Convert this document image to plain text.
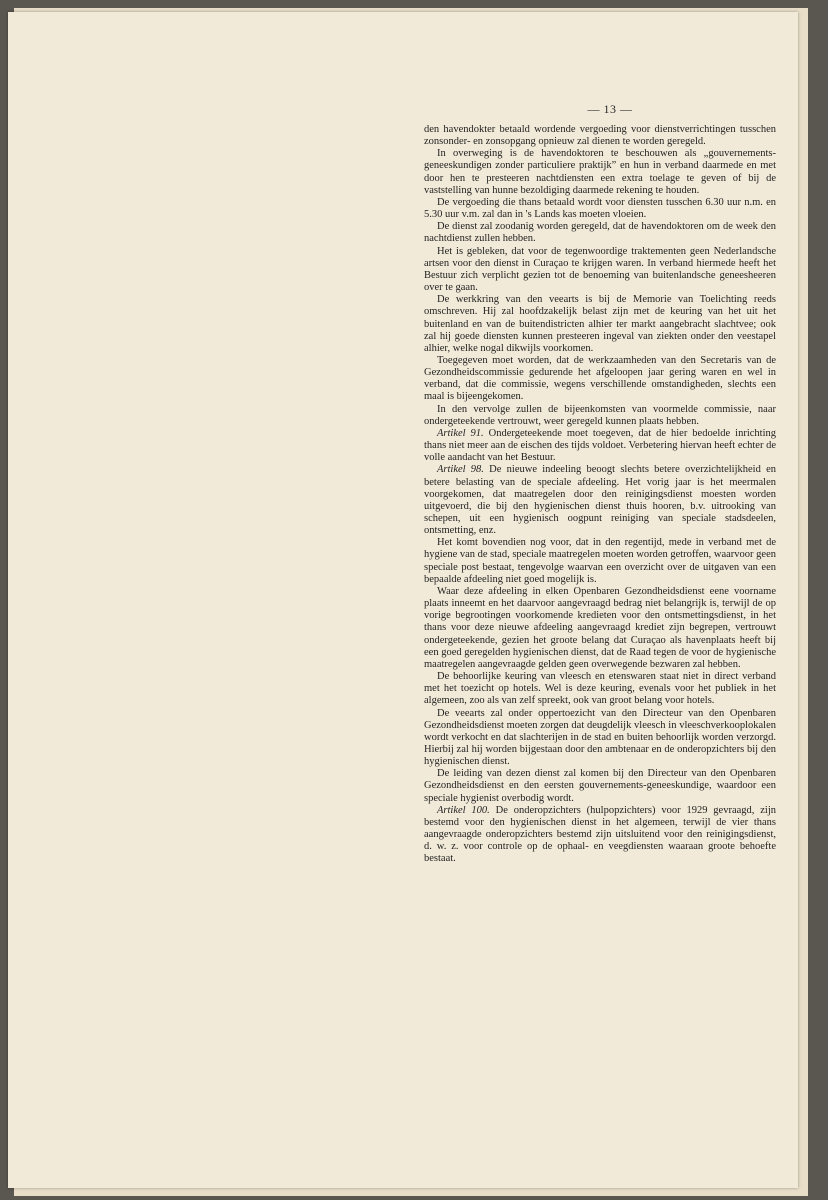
— 13 —

den havendokter betaald wordende vergoeding voor dienstverrichtingen tusschen zonsonder- en zonsopgang opnieuw zal dienen te worden geregeld.

In overweging is de havendoktoren te beschouwen als „gouvernements-geneeskundigen zonder particuliere praktijk” en hun in verband daarmede en met door hen te presteeren nachtdiensten een extra toelage te geven of bij de vaststelling van hunne bezoldiging daarmede rekening te houden.

De vergoeding die thans betaald wordt voor diensten tusschen 6.30 uur n.m. en 5.30 uur v.m. zal dan in 's Lands kas moeten vloeien.

De dienst zal zoodanig worden geregeld, dat de havendoktoren om de week den nachtdienst zullen hebben.

Het is gebleken, dat voor de tegenwoordige traktementen geen Nederlandsche artsen voor den dienst in Curaçao te krijgen waren. In verband hiermede heeft het Bestuur zich verplicht gezien tot de benoeming van buitenlandsche geneesheeren over te gaan.

De werkkring van den veearts is bij de Memorie van Toelichting reeds omschreven. Hij zal hoofdzakelijk belast zijn met de keuring van het uit het buitenland en van de buitendistricten alhier ter markt aangebracht slachtvee; ook zal hij goede diensten kunnen presteeren ingeval van ziekten onder den veestapel alhier, welke nogal dikwijls voorkomen.

Toegegeven moet worden, dat de werkzaamheden van den Secretaris van de Gezondheidscommissie gedurende het afgeloopen jaar gering waren en wel in verband, dat die commissie, wegens verschillende omstandigheden, slechts een maal is bijeengekomen.

In den vervolge zullen de bijeenkomsten van voormelde commissie, naar ondergeteekende vertrouwt, weer geregeld kunnen plaats hebben.

Artikel 91. Ondergeteekende moet toegeven, dat de hier bedoelde inrichting thans niet meer aan de eischen des tijds voldoet. Verbetering hiervan heeft echter de volle aandacht van het Bestuur.

Artikel 98. De nieuwe indeeling beoogt slechts betere overzichtelijkheid en betere belasting van de speciale afdeeling. Het vorig jaar is het meermalen voorgekomen, dat maatregelen door den reinigingsdienst moesten worden uitgevoerd, die bij den hygienischen dienst thuis hooren, b.v. uitrooking van schepen, uit een hygienisch oogpunt reiniging van speciale stadsdeelen, ontsmetting, enz.

Het komt bovendien nog voor, dat in den regentijd, mede in verband met de hygiene van de stad, speciale maatregelen moeten worden getroffen, waarvoor geen speciale post bestaat, tengevolge waarvan een overzicht over de uitgaven van een bepaalde afdeeling niet goed mogelijk is.

Waar deze afdeeling in elken Openbaren Gezondheidsdienst eene voorname plaats inneemt en het daarvoor aangevraagd bedrag niet belangrijk is, terwijl de op vorige begrootingen voorkomende kredieten voor den ontsmettingsdienst, in het thans voor deze nieuwe afdeeling aangevraagd krediet zijn begrepen, vertrouwt ondergeteekende, gezien het groote belang dat Curaçao als havenplaats heeft bij een goed geregelden hygienischen dienst, dat de Raad tegen de voor de hygienische maatregelen aangevraagde gelden geen overwegende bezwaren zal hebben.

De behoorlijke keuring van vleesch en etenswaren staat niet in direct verband met het toezicht op hotels. Wel is deze keuring, evenals voor het publiek in het algemeen, zoo als van zelf spreekt, ook van groot belang voor hotels.

De veearts zal onder oppertoezicht van den Directeur van den Openbaren Gezondheidsdienst moeten zorgen dat deugdelijk vleesch in vleeschverkooplokalen wordt verkocht en dat slachterijen in de stad en buiten behoorlijk worden verzorgd. Hierbij zal hij worden bijgestaan door den ambtenaar en de onderopzichters bij den hygienischen dienst.

De leiding van dezen dienst zal komen bij den Directeur van den Openbaren Gezondheidsdienst en den eersten gouvernements-geneeskundige, waardoor een speciale hygienist overbodig wordt.

Artikel 100. De onderopzichters (hulpopzichters) voor 1929 gevraagd, zijn bestemd voor den hygienischen dienst in het algemeen, terwijl de vier thans aangevraagde onderopzichters bestemd zijn uitsluitend voor den reinigingsdienst, d. w. z. voor controle op de ophaal- en veegdiensten waaraan groote behoefte bestaat.
